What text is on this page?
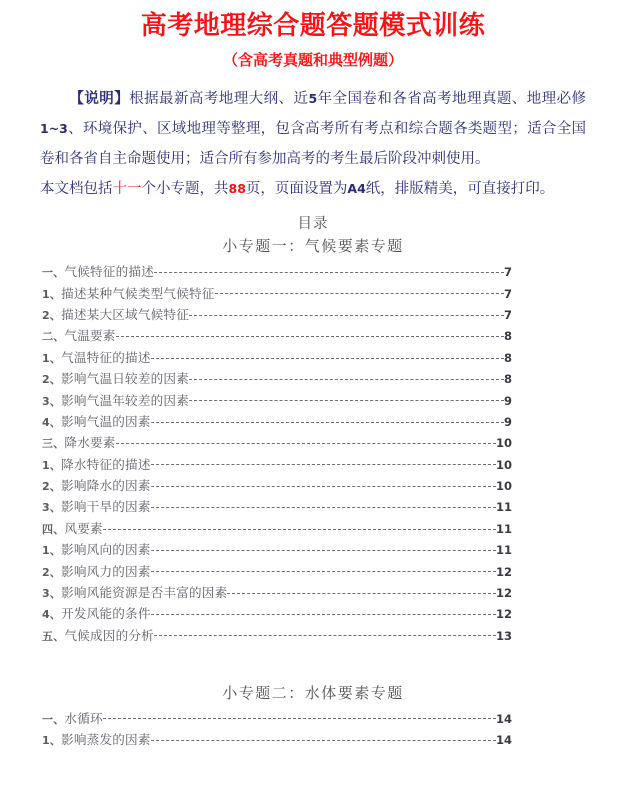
高考地理综合题答题模式训练
（含高考真题和典型例题）

【说明】根据最新高考地理大纲、近5年全国卷和各省高考地理真题、地理必修1~3、环境保护、区域地理等整理，包含高考所有考点和综合题各类题型；适合全国卷和各省自主命题使用；适合所有参加高考的考生最后阶段冲刺使用。

本文档包括十一个小专题，共88页，页面设置为A4纸，排版精美，可直接打印。

目录
小专题一：气候要素专题
一、气候特征的描述	7
1、描述某种气候类型气候特征	7
2、描述某大区域气候特征	7
二、气温要素	8
1、气温特征的描述	8
2、影响气温日较差的因素	8
3、影响气温年较差的因素	9
4、影响气温的因素	9
三、降水要素	10
1、降水特征的描述	10
2、影响降水的因素	10
3、影响干旱的因素	11
四、风要素	11
1、影响风向的因素	11
2、影响风力的因素	12
3、影响风能资源是否丰富的因素	12
4、开发风能的条件	12
五、气候成因的分析	13
小专题二：水体要素专题
一、水循环	14
1、影响蒸发的因素	14
